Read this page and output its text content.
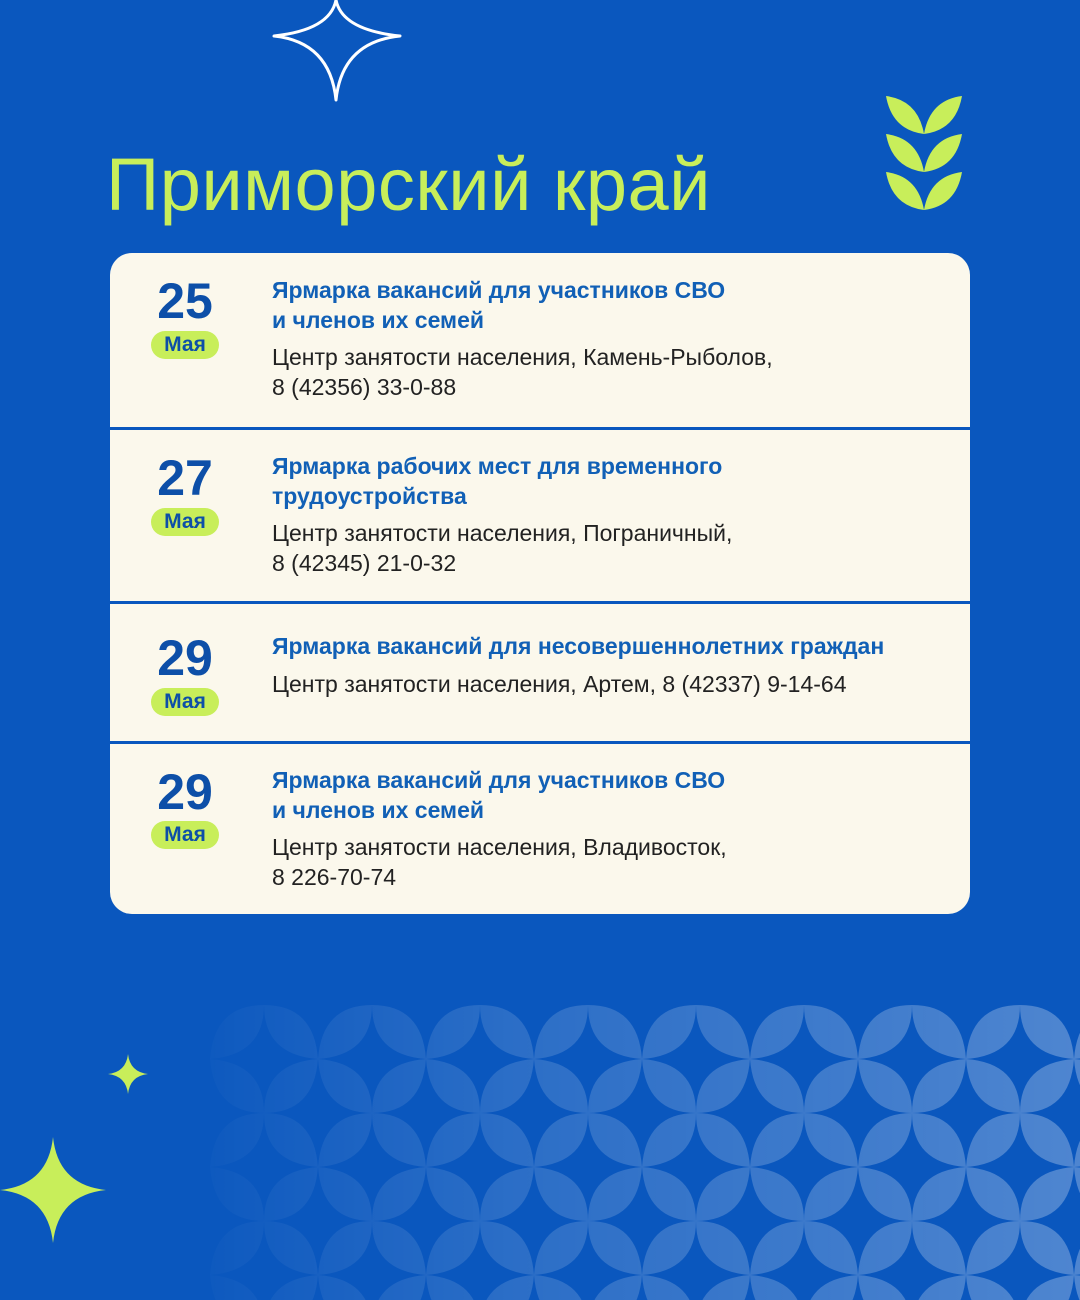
Приморский край
25
Мая
Ярмарка вакансий для участников СВО
и членов их семей
Центр занятости населения, Камень-Рыболов,
8 (42356) 33-0-88
27
Мая
Ярмарка рабочих мест для временного
трудоустройства
Центр занятости населения, Пограничный,
8 (42345) 21-0-32
29
Мая
Ярмарка вакансий для несовершеннолетних граждан
Центр занятости населения, Артем, 8 (42337) 9-14-64
29
Мая
Ярмарка вакансий для участников СВО
и членов их семей
Центр занятости населения, Владивосток,
8 226-70-74
